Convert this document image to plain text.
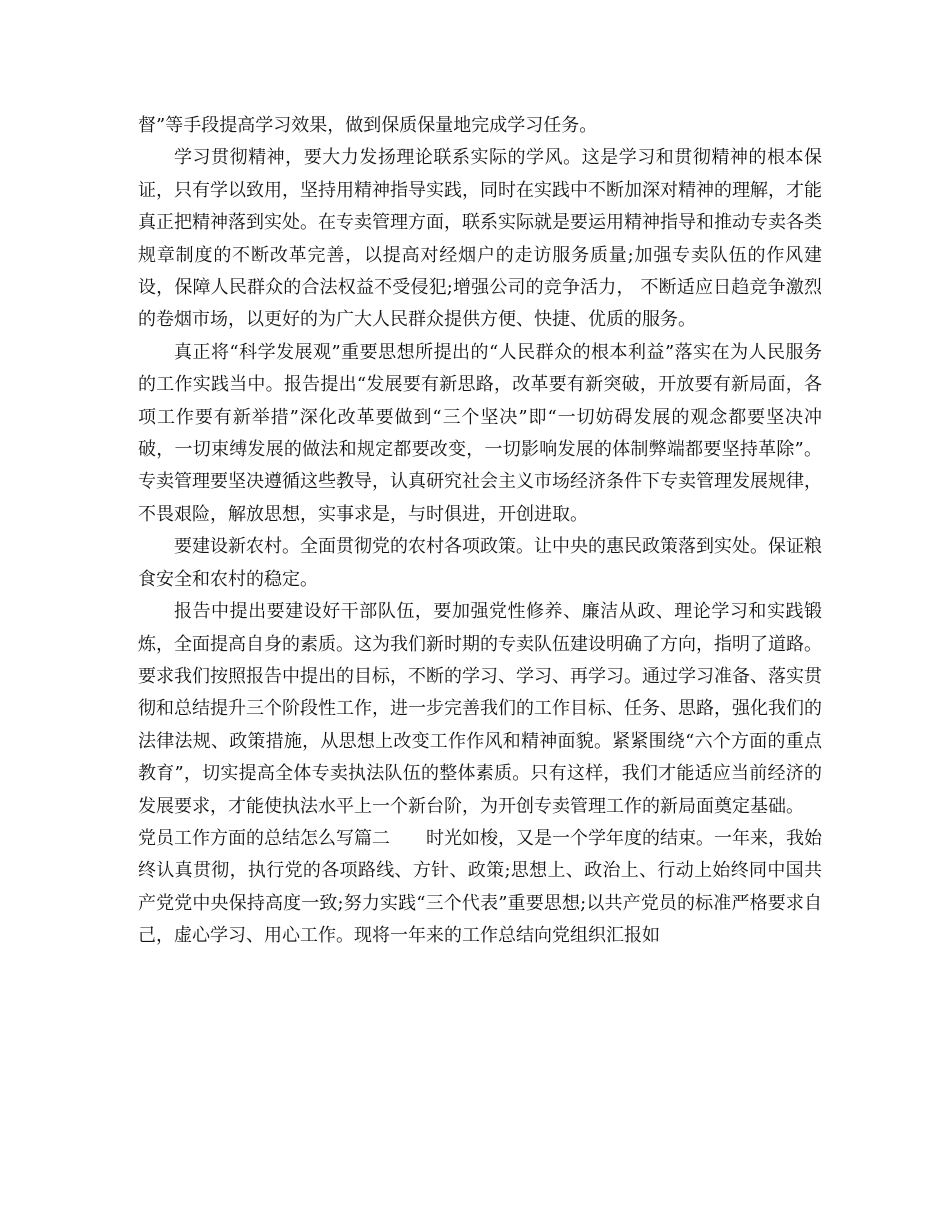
督”等手段提高学习效果，做到保质保量地完成学习任务。

学习贯彻精神，要大力发扬理论联系实际的学风。这是学习和贯彻精神的根本保证，只有学以致用，坚持用精神指导实践，同时在实践中不断加深对精神的理解，才能真正把精神落到实处。在专卖管理方面，联系实际就是要运用精神指导和推动专卖各类规章制度的不断改革完善，以提高对经烟户的走访服务质量;加强专卖队伍的作风建设，保障人民群众的合法权益不受侵犯;增强公司的竞争活力， 不断适应日趋竞争激烈的卷烟市场，以更好的为广大人民群众提供方便、快捷、优质的服务。

真正将“科学发展观”重要思想所提出的“人民群众的根本利益”落实在为人民服务的工作实践当中。报告提出“发展要有新思路，改革要有新突破，开放要有新局面，各项工作要有新举措”深化改革要做到“三个坚决”即“一切妨碍发展的观念都要坚决冲破，一切束缚发展的做法和规定都要改变，一切影响发展的体制弊端都要坚持革除”。专卖管理要坚决遵循这些教导，认真研究社会主义市场经济条件下专卖管理发展规律，不畏艰险，解放思想，实事求是，与时俱进，开创进取。

要建设新农村。全面贯彻党的农村各项政策。让中央的惠民政策落到实处。保证粮食安全和农村的稳定。

报告中提出要建设好干部队伍，要加强党性修养、廉洁从政、理论学习和实践锻炼，全面提高自身的素质。这为我们新时期的专卖队伍建设明确了方向，指明了道路。要求我们按照报告中提出的目标，不断的学习、学习、再学习。通过学习准备、落实贯彻和总结提升三个阶段性工作，进一步完善我们的工作目标、任务、思路，强化我们的法律法规、政策措施，从思想上改变工作作风和精神面貌。紧紧围绕“六个方面的重点教育”，切实提高全体专卖执法队伍的整体素质。只有这样，我们才能适应当前经济的发展要求，才能使执法水平上一个新台阶，为开创专卖管理工作的新局面奠定基础。

党员工作方面的总结怎么写篇二　　时光如梭，又是一个学年度的结束。一年来，我始终认真贯彻，执行党的各项路线、方针、政策;思想上、政治上、行动上始终同中国共产党党中央保持高度一致;努力实践“三个代表”重要思想;以共产党员的标准严格要求自己，虚心学习、用心工作。现将一年来的工作总结向党组织汇报如
